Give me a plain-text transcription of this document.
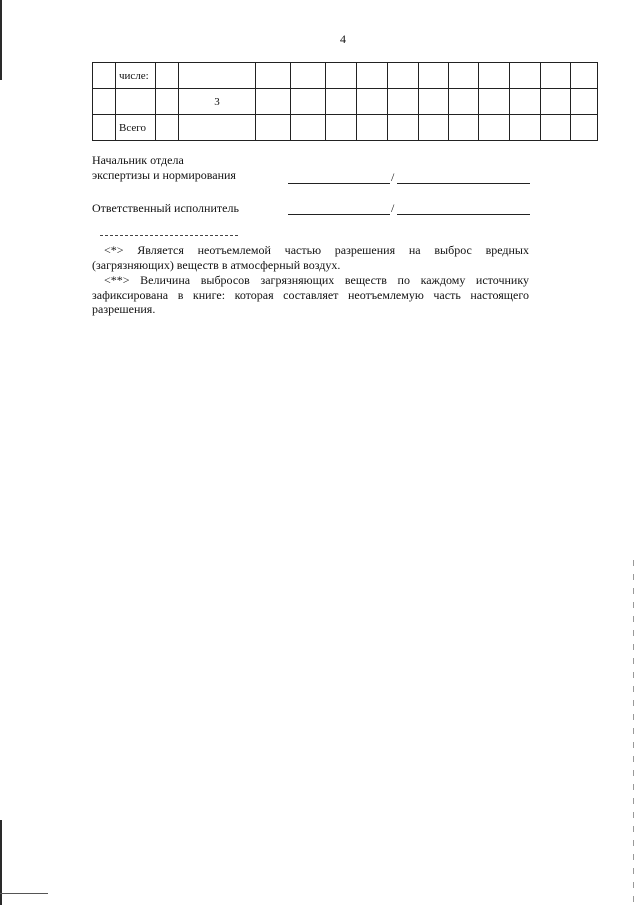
4
	числе:													
			3											
	Всего													
Начальник отдела
экспертизы и нормирования	/
Ответственный исполнитель	/

<*> Является неотъемлемой частью разрешения на выброс вредных (загрязняющих) веществ в атмосферный воздух.

<**> Величина выбросов загрязняющих веществ по каждому источнику зафиксирована в книге: которая составляет неотъемлемую часть настоящего разрешения.
